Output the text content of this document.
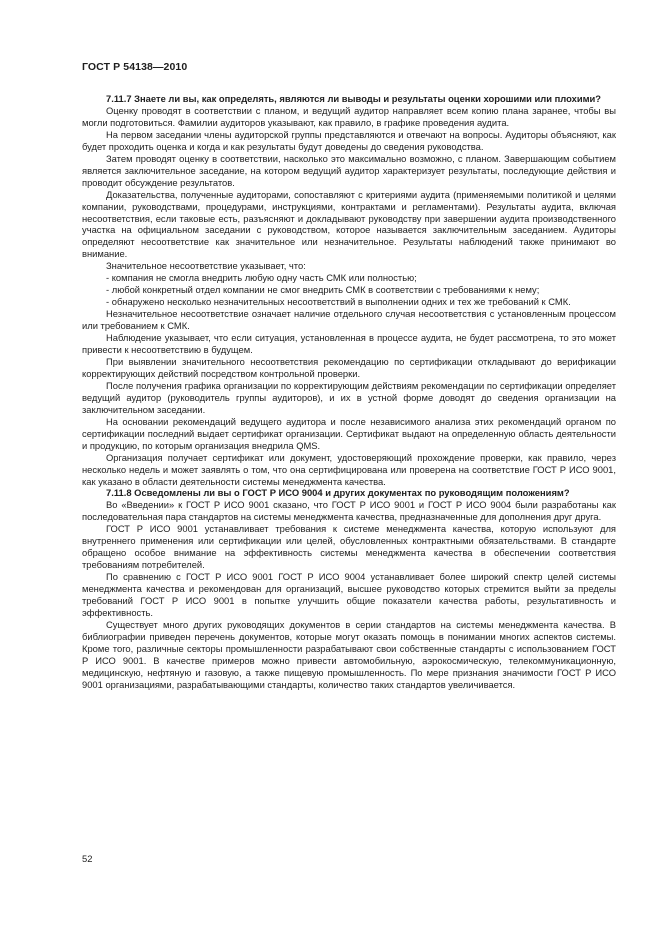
ГОСТ Р 54138—2010

7.11.7 Знаете ли вы, как определять, являются ли выводы и результаты оценки хорошими или плохими?

Оценку проводят в соответствии с планом, и ведущий аудитор направляет всем копию плана заранее, чтобы вы могли подготовиться. Фамилии аудиторов указывают, как правило, в графике проведения аудита.

На первом заседании члены аудиторской группы представляются и отвечают на вопросы. Аудиторы объясняют, как будет проходить оценка и когда и как результаты будут доведены до сведения руководства.

Затем проводят оценку в соответствии, насколько это максимально возможно, с планом. Завершающим событием является заключительное заседание, на котором ведущий аудитор характеризует результаты, последующие действия и проводит обсуждение результатов.

Доказательства, полученные аудиторами, сопоставляют с критериями аудита (применяемыми политикой и целями компании, руководствами, процедурами, инструкциями, контрактами и регламентами). Результаты аудита, включая несоответствия, если таковые есть, разъясняют и докладывают руководству при завершении аудита производственного участка на официальном заседании с руководством, которое называется заключительным заседанием. Аудиторы определяют несоответствие как значительное или незначительное. Результаты наблюдений также принимают во внимание.

Значительное несоответствие указывает, что:

- компания не смогла внедрить любую одну часть СМК или полностью;

- любой конкретный отдел компании не смог внедрить СМК в соответствии с требованиями к нему;

- обнаружено несколько незначительных несоответствий в выполнении одних и тех же требований к СМК.

Незначительное несоответствие означает наличие отдельного случая несоответствия с установленным процессом или требованием к СМК.

Наблюдение указывает, что если ситуация, установленная в процессе аудита, не будет рассмотрена, то это может привести к несоответствию в будущем.

При выявлении значительного несоответствия рекомендацию по сертификации откладывают до верификации корректирующих действий посредством контрольной проверки.

После получения графика организации по корректирующим действиям рекомендации по сертификации определяет ведущий аудитор (руководитель группы аудиторов), и их в устной форме доводят до сведения организации на заключительном заседании.

На основании рекомендаций ведущего аудитора и после независимого анализа этих рекомендаций органом по сертификации последний выдает сертификат организации. Сертификат выдают на определенную область деятельности и продукцию, по которым организация внедрила QMS.

Организация получает сертификат или документ, удостоверяющий прохождение проверки, как правило, через несколько недель и может заявлять о том, что она сертифицирована или проверена на соответствие ГОСТ Р ИСО 9001, как указано в области деятельности системы менеджмента качества.

7.11.8 Осведомлены ли вы о ГОСТ Р ИСО 9004 и других документах по руководящим положениям?

Во «Введении» к ГОСТ Р ИСО 9001 сказано, что ГОСТ Р ИСО 9001 и ГОСТ Р ИСО 9004 были разработаны как последовательная пара стандартов на системы менеджмента качества, предназначенные для дополнения друг друга.

ГОСТ Р ИСО 9001 устанавливает требования к системе менеджмента качества, которую используют для внутреннего применения или сертификации или целей, обусловленных контрактными обязательствами. В стандарте обращено особое внимание на эффективность системы менеджмента качества в обеспечении соответствия требованиям потребителей.

По сравнению с ГОСТ Р ИСО 9001 ГОСТ Р ИСО 9004 устанавливает более широкий спектр целей системы менеджмента качества и рекомендован для организаций, высшее руководство которых стремится выйти за пределы требований ГОСТ Р ИСО 9001 в попытке улучшить общие показатели качества работы, результативность и эффективность.

Существует много других руководящих документов в серии стандартов на системы менеджмента качества. В библиографии приведен перечень документов, которые могут оказать помощь в понимании многих аспектов системы. Кроме того, различные секторы промышленности разрабатывают свои собственные стандарты с использованием ГОСТ Р ИСО 9001. В качестве примеров можно привести автомобильную, аэрокосмическую, телекоммуникационную, медицинскую, нефтяную и газовую, а также пищевую промышленность. По мере признания значимости ГОСТ Р ИСО 9001 организациями, разрабатывающими стандарты, количество таких стандартов увеличивается.

52
